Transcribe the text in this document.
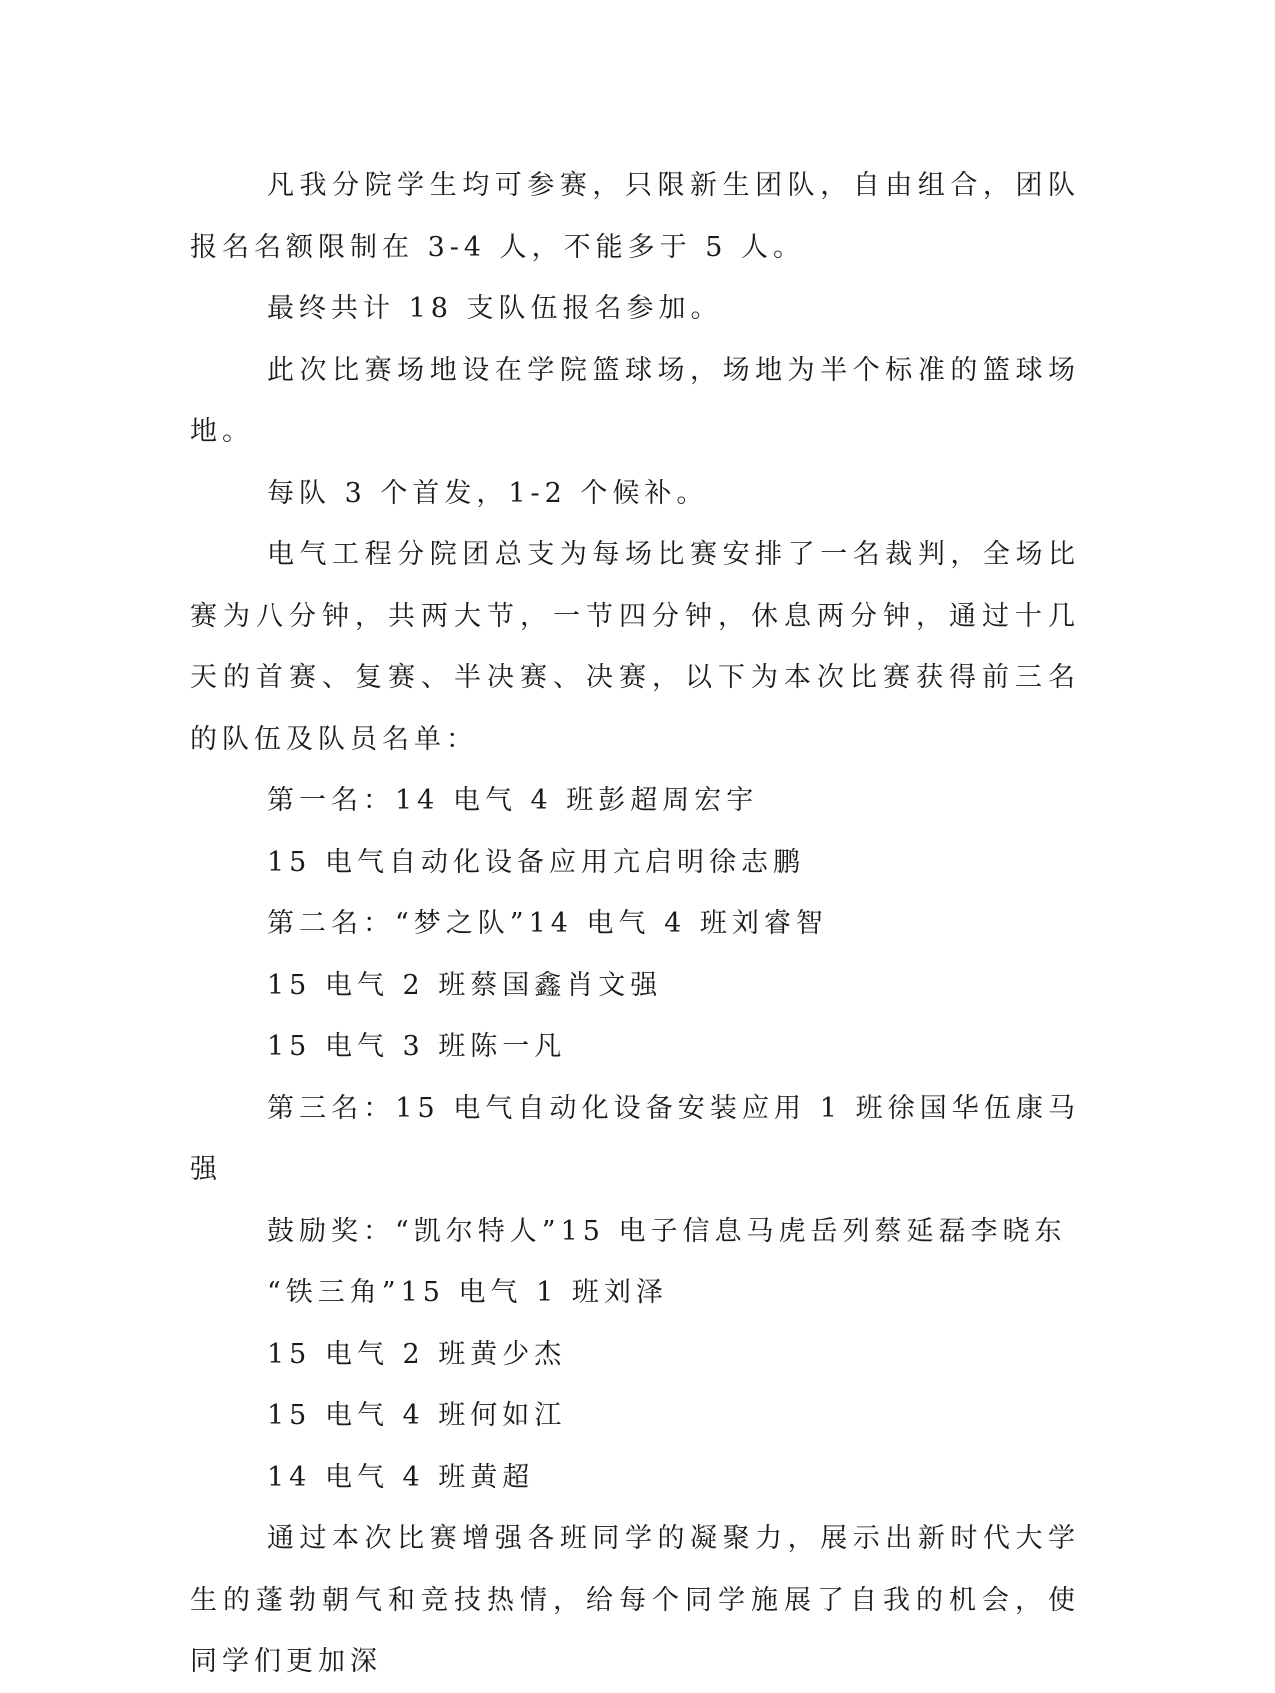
凡我分院学生均可参赛，只限新生团队，自由组合，团队报名名额限制在 3-4 人，不能多于 5 人。

最终共计 18 支队伍报名参加。

此次比赛场地设在学院篮球场，场地为半个标准的篮球场地。

每队 3 个首发，1-2 个候补。

电气工程分院团总支为每场比赛安排了一名裁判，全场比赛为八分钟，共两大节，一节四分钟，休息两分钟，通过十几天的首赛、复赛、半决赛、决赛，以下为本次比赛获得前三名的队伍及队员名单：

第一名：14 电气 4 班彭超周宏宇

15 电气自动化设备应用亢启明徐志鹏

第二名：“梦之队”14 电气 4 班刘睿智

15 电气 2 班蔡国鑫肖文强

15 电气 3 班陈一凡

第三名：15 电气自动化设备安装应用 1 班徐国华伍康马强

鼓励奖：“凯尔特人”15 电子信息马虎岳列蔡延磊李晓东

“铁三角”15 电气 1 班刘泽

15 电气 2 班黄少杰

15 电气 4 班何如江

14 电气 4 班黄超

通过本次比赛增强各班同学的凝聚力，展示出新时代大学生的蓬勃朝气和竞技热情，给每个同学施展了自我的机会，使同学们更加深
